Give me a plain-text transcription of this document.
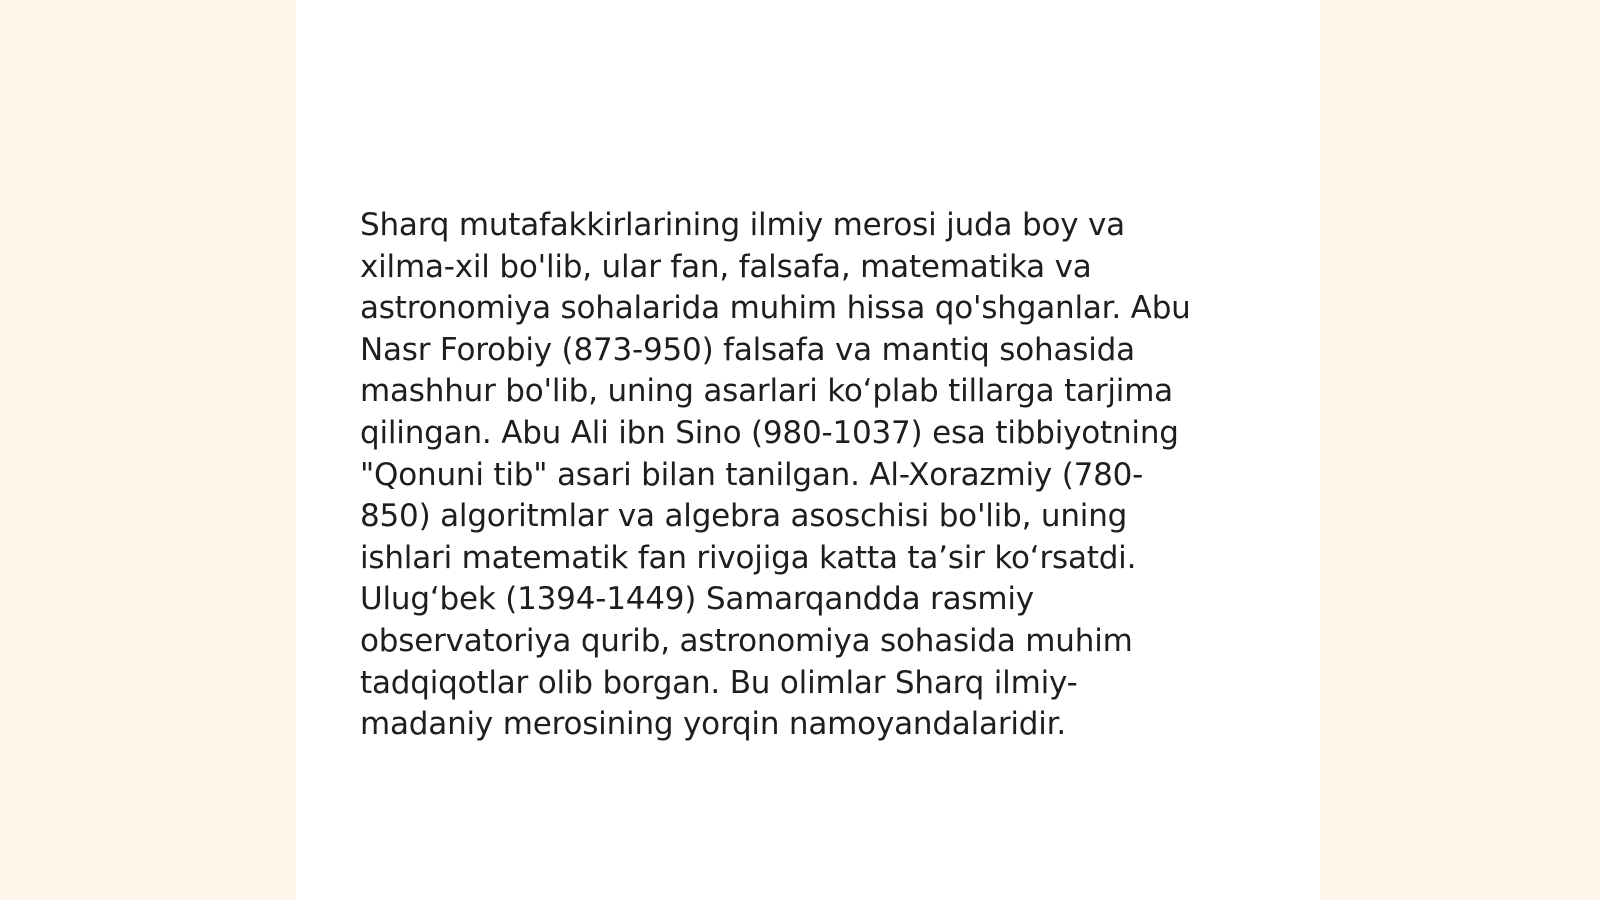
Sharq mutafakkirlarining ilmiy merosi juda boy va
xilma-xil bo'lib, ular fan, falsafa, matematika va
astronomiya sohalarida muhim hissa qo'shganlar. Abu
Nasr Forobiy (873-950) falsafa va mantiq sohasida
mashhur bo'lib, uning asarlari ko‘plab tillarga tarjima
qilingan. Abu Ali ibn Sino (980-1037) esa tibbiyotning
"Qonuni tib" asari bilan tanilgan. Al-Xorazmiy (780-
850) algoritmlar va algebra asoschisi bo'lib, uning
ishlari matematik fan rivojiga katta ta’sir ko‘rsatdi.
Ulug‘bek (1394-1449) Samarqandda rasmiy
observatoriya qurib, astronomiya sohasida muhim
tadqiqotlar olib borgan. Bu olimlar Sharq ilmiy-
madaniy merosining yorqin namoyandalaridir.
